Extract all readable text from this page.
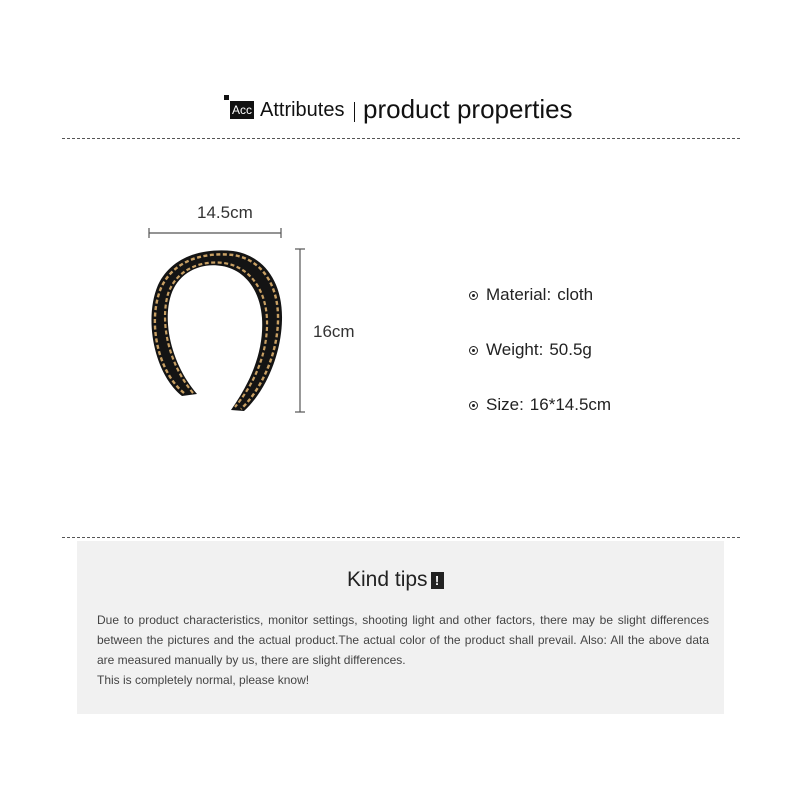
Acc Attributes product properties
14.5cm
16cm
Material: cloth
Weight: 50.5g
Size: 16*14.5cm
Kind tips !

Due to product characteristics, monitor settings, shooting light and other factors, there may be slight differences between the pictures and the actual product.The actual color of the product shall prevail. Also: All the above data are measured manually by us, there are slight differences.

This is completely normal, please know!
